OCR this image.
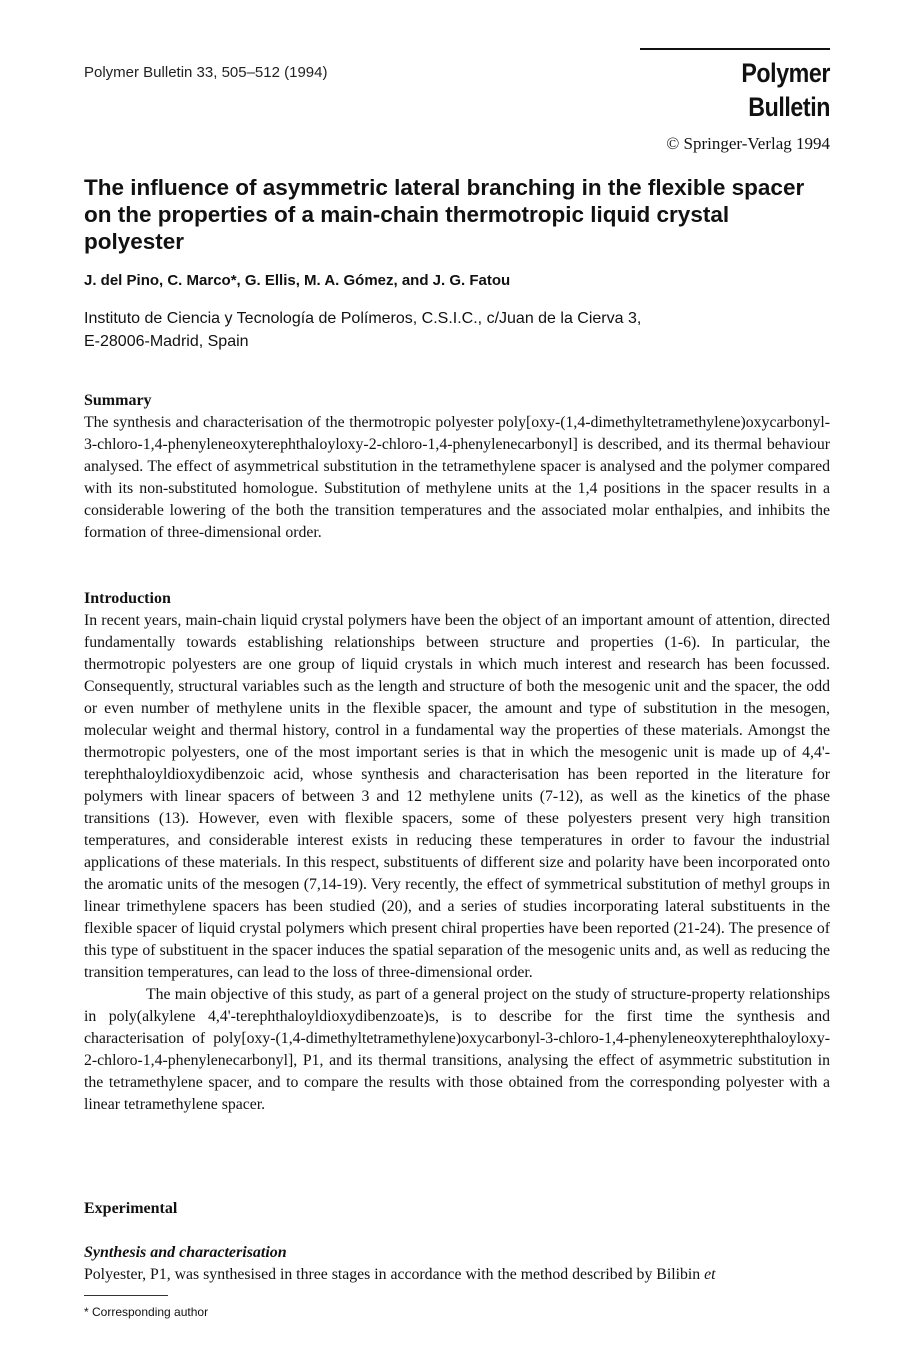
Polymer Bulletin 33, 505–512 (1994)	Polymer Bulletin
© Springer-Verlag 1994
The influence of asymmetric lateral branching in the flexible spacer on the properties of a main-chain thermotropic liquid crystal polyester
J. del Pino, C. Marco*, G. Ellis, M. A. Gómez, and J. G. Fatou
Instituto de Ciencia y Tecnología de Polímeros, C.S.I.C., c/Juan de la Cierva 3,
E-28006-Madrid, Spain
Summary

The synthesis and characterisation of the thermotropic polyester poly[oxy-(1,4-dimethyltetramethylene)oxycarbonyl-3-chloro-1,4-phenyleneoxyterephthaloyloxy-2-chloro-1,4-phenylenecarbonyl] is described, and its thermal behaviour analysed. The effect of asymmetrical substitution in the tetramethylene spacer is analysed and the polymer compared with its non-substituted homologue. Substitution of methylene units at the 1,4 positions in the spacer results in a considerable lowering of the both the transition temperatures and the associated molar enthalpies, and inhibits the formation of three-dimensional order.

Introduction

In recent years, main-chain liquid crystal polymers have been the object of an important amount of attention, directed fundamentally towards establishing relationships between structure and properties (1-6). In particular, the thermotropic polyesters are one group of liquid crystals in which much interest and research has been focussed. Consequently, structural variables such as the length and structure of both the mesogenic unit and the spacer, the odd or even number of methylene units in the flexible spacer, the amount and type of substitution in the mesogen, molecular weight and thermal history, control in a fundamental way the properties of these materials. Amongst the thermotropic polyesters, one of the most important series is that in which the mesogenic unit is made up of 4,4'-terephthaloyldioxydibenzoic acid, whose synthesis and characterisation has been reported in the literature for polymers with linear spacers of between 3 and 12 methylene units (7-12), as well as the kinetics of the phase transitions (13). However, even with flexible spacers, some of these polyesters present very high transition temperatures, and considerable interest exists in reducing these temperatures in order to favour the industrial applications of these materials. In this respect, substituents of different size and polarity have been incorporated onto the aromatic units of the mesogen (7,14-19). Very recently, the effect of symmetrical substitution of methyl groups in linear trimethylene spacers has been studied (20), and a series of studies incorporating lateral substituents in the flexible spacer of liquid crystal polymers which present chiral properties have been reported (21-24). The presence of this type of substituent in the spacer induces the spatial separation of the mesogenic units and, as well as reducing the transition temperatures, can lead to the loss of three-dimensional order.

The main objective of this study, as part of a general project on the study of structure-property relationships in poly(alkylene 4,4'-terephthaloyldioxydibenzoate)s, is to describe for the first time the synthesis and characterisation of poly[oxy-(1,4-dimethyltetramethylene)oxycarbonyl-3-chloro-1,4-phenyleneoxyterephthaloyloxy-2-chloro-1,4-phenylenecarbonyl], P1, and its thermal transitions, analysing the effect of asymmetric substitution in the tetramethylene spacer, and to compare the results with those obtained from the corresponding polyester with a linear tetramethylene spacer.

Experimental
Synthesis and characterisation

Polyester, P1, was synthesised in three stages in accordance with the method described by Bilibin et

* Corresponding author
